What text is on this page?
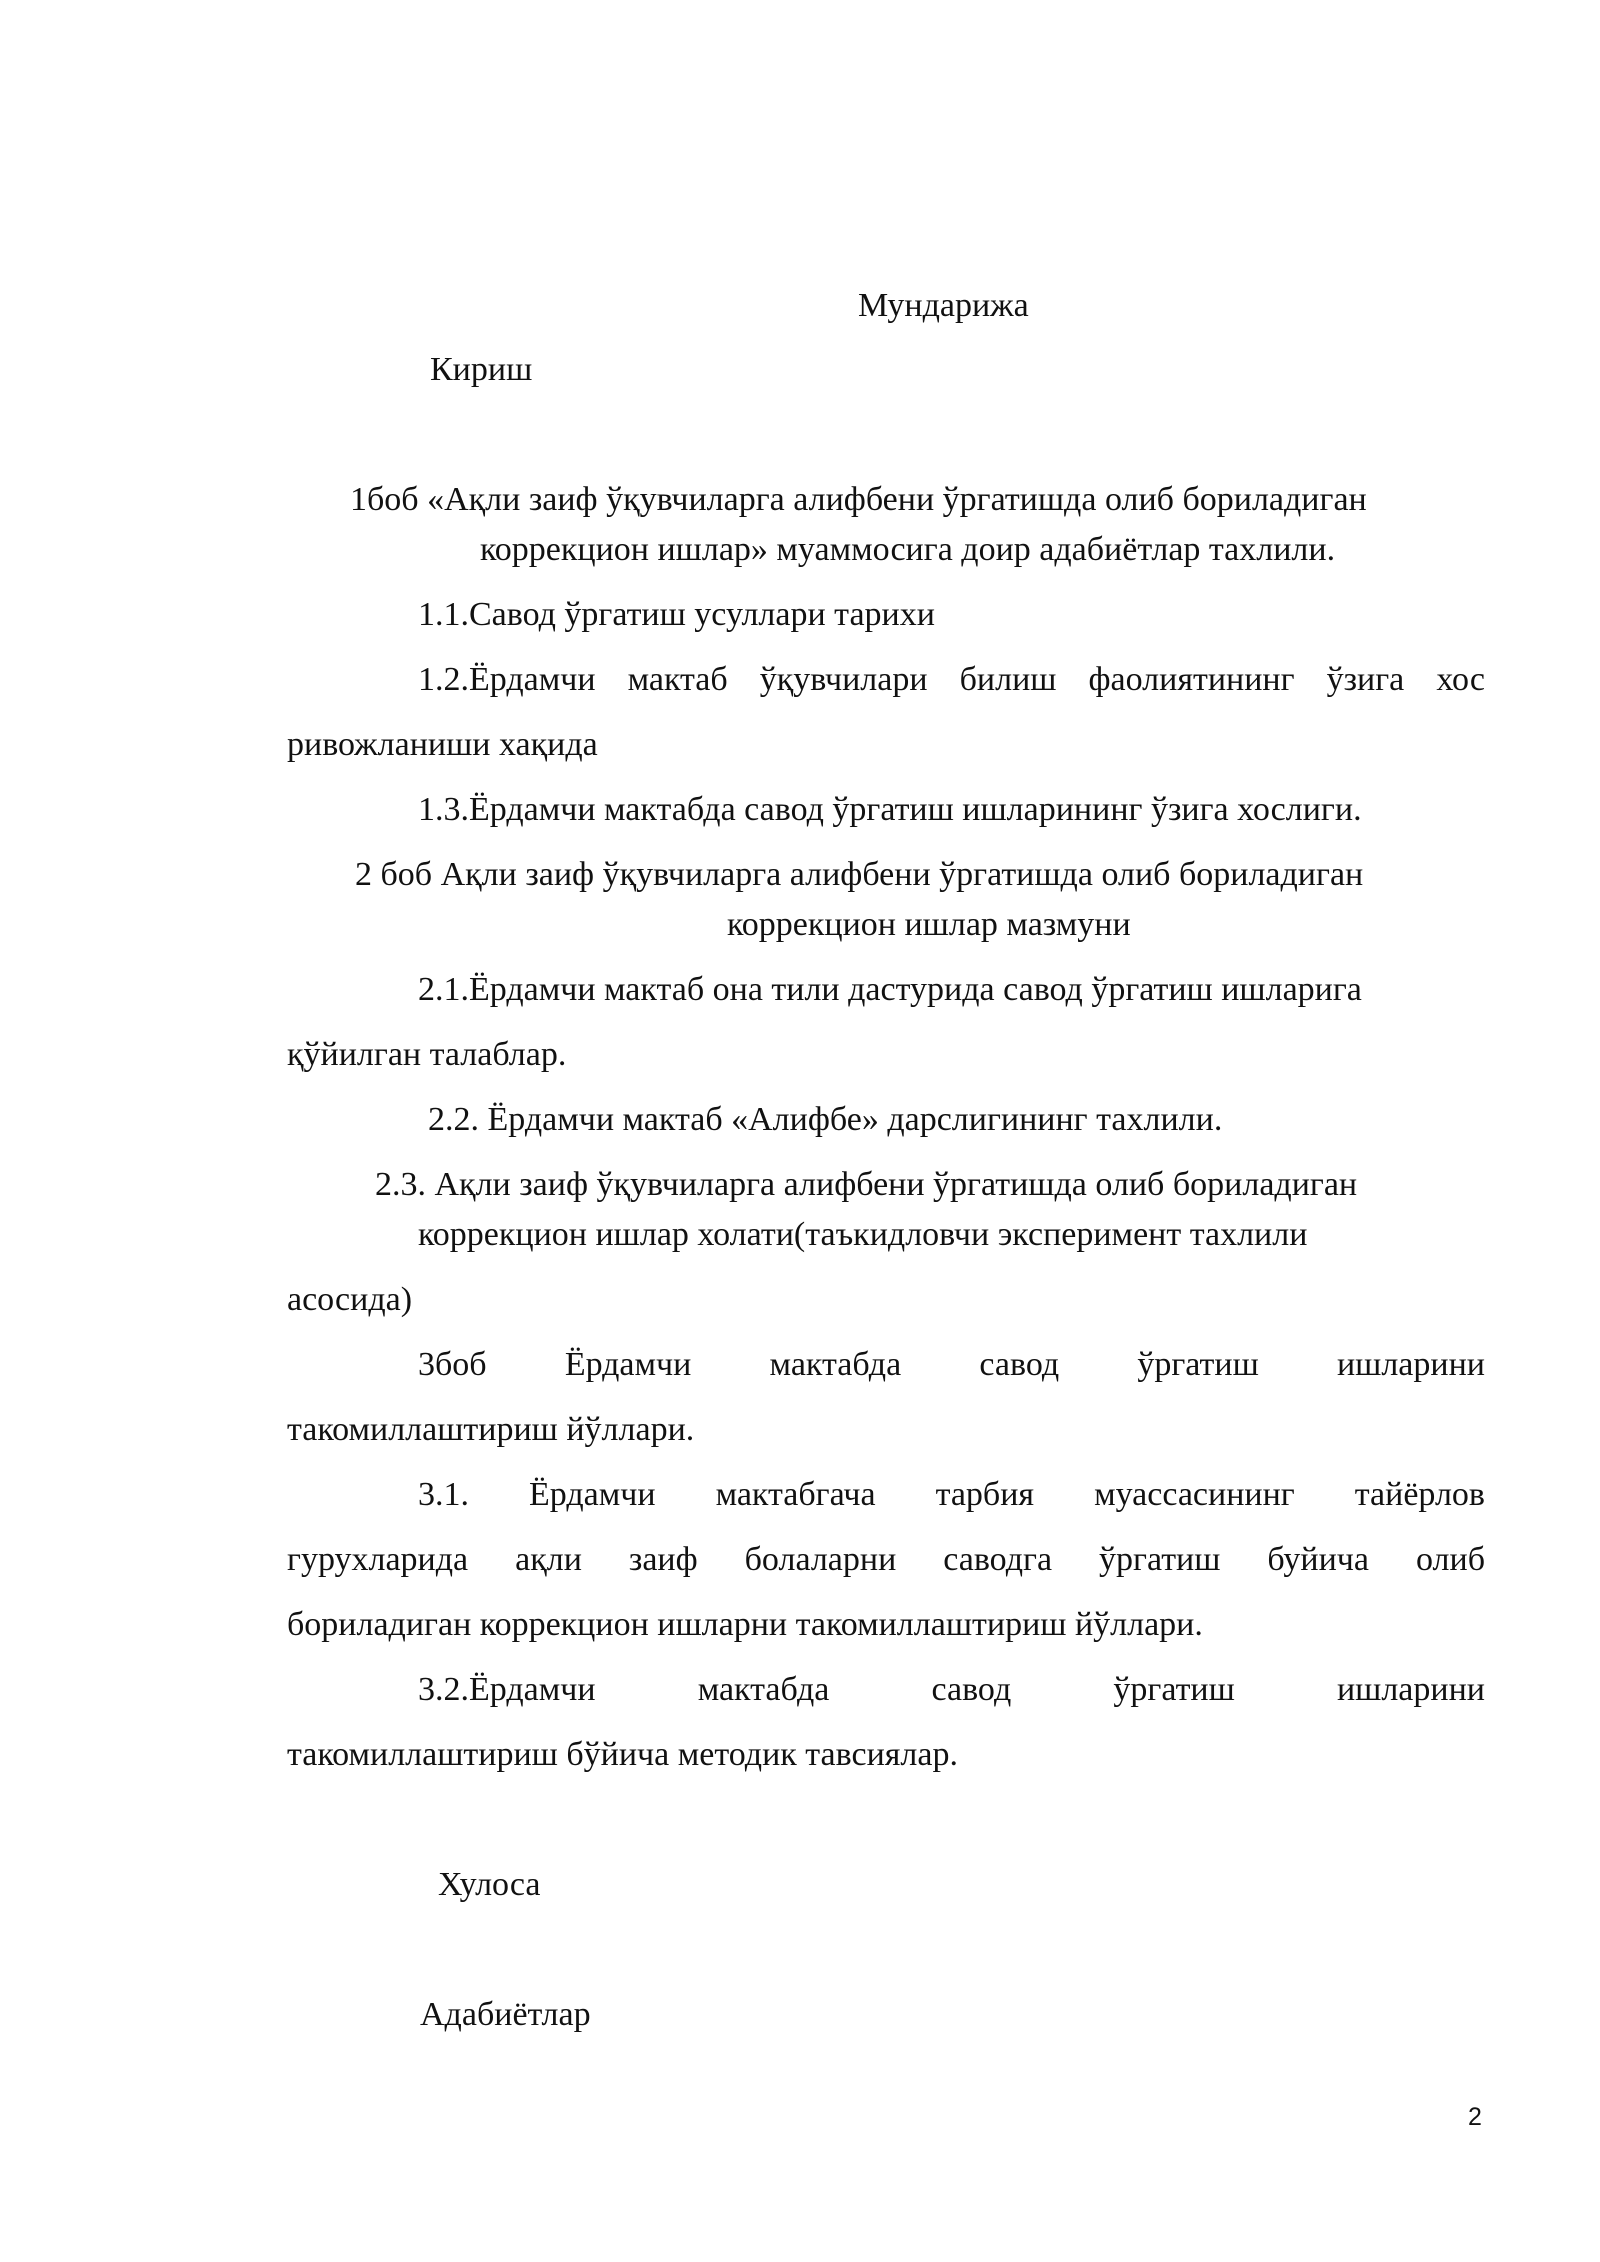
Мундарижа
Кириш
1боб «Ақли заиф ўқувчиларга алифбени ўргатишда олиб бориладиган
коррекцион ишлар» муаммосига доир адабиётлар тахлили.
1.1.Савод ўргатиш усуллари тарихи
1.2.Ёрдамчи мактаб ўқувчилари билиш фаолиятининг ўзига хос
ривожланиши хақида
1.3.Ёрдамчи мактабда савод ўргатиш ишларининг ўзига хослиги.
2 боб Ақли заиф ўқувчиларга алифбени ўргатишда олиб бориладиган
коррекцион ишлар мазмуни
2.1.Ёрдамчи мактаб она тили дастурида савод ўргатиш ишларига
қўйилган талаблар.
2.2. Ёрдамчи мактаб «Алифбе» дарслигининг тахлили.
2.3. Ақли заиф ўқувчиларга алифбени ўргатишда олиб бориладиган
коррекцион ишлар холати(таъкидловчи эксперимент тахлили
асосида)
3боб Ёрдамчи мактабда савод ўргатиш ишларини
такомиллаштириш йўллари.
3.1. Ёрдамчи мактабгача тарбия муассасининг тайёрлов
гурухларида ақли заиф болаларни саводга ўргатиш буйича олиб
бориладиган коррекцион ишларни такомиллаштириш йўллари.
3.2.Ёрдамчи	мактабда	савод	ўргатиш	ишларини
такомиллаштириш бўйича методик тавсиялар.
Хулоса
Адабиётлар
2
